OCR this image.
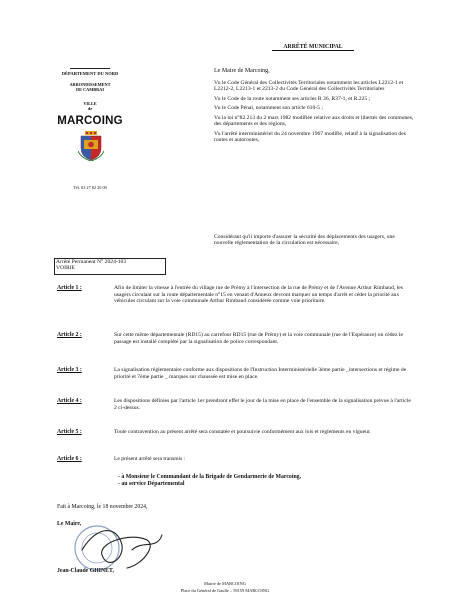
DÉPARTEMENT DU NORD
ARRONDISSEMENT
DE CAMBRAI
VILLE
de
MARCOING
Tél. 03 27 82 20 00
ARRÊTÉ MUNICIPAL
Le Maire de Marcoing,
Vu le Code Général des Collectivités Territoriales notamment les articles L2212-1 et L2212-2, L2213-1 et 2213-2 du Code Général des Collectivités Territoriales
Vu le Code de la route notamment ses articles R 36, R37-1, et R.225 ;
Vu le Code Pénal, notamment son article 610-5 ;
Vu la loi n°82.213 du 2 mars 1982 modifiée relative aux droits et libertés des communes, des départements et des régions,
Vu l'arrêté interministériel du 24 novembre 1967 modifié, relatif à la signalisation des routes et autoroutes,
Considérant qu'il importe d'assurer la sécurité des déplacements des usagers, une nouvelle réglementation de la circulation est nécessaire,
Arrêté Permanent N° 2024-103
VOIRIE
Article 1 :	Afin de limiter la vitesse à l'entrée du village rue de Prémy à l'intersection de la rue de Prémy et de l'Avenue Arthur Rimbaud, les usagers circulant sur la route départementale n°15 en venant d'Anneux devront marquer un temps d'arrêt et céder la priorité aux véhicules circulant sur la voie communale Arthur Rimbaud considérée comme voie prioritaire.
Article 2 :	Sur cette même départementale (RD15) au carrefour RD15 (rue de Prémy) et la voie communale (rue de l'Espérance) on cèdez le passage est installé complété par la signalisation de police correspondant.
Article 3 :	La signalisation réglementaire conforme aux dispositions de l'Instruction Interministérielle 3ème partie _intersections et régime de priorité et 7ème partie _ marques sur chaussée est mise en place.
Article 4 :	Les dispositions définies par l'article 1er prendront effet le jour de la mise en place de l'ensemble de la signalisation prévue à l'article 2 ci-dessus.
Article 5 :	Toute contravention au présent arrêté sera constatée et poursuivie conformément aux lois et règlements en vigueur.
Article 6 :	Le présent arrêté sera transmis :
- à Monsieur le Commandant de la Brigade de Gendarmerie de Marcoing,
- au service Départemental
Fait à Marcoing, le 18 novembre 2024,
Le Maire,
Jean-Claude GHINET,
Mairie de MARCOING
Place du Général de Gaulle – 59159 MARCOING
